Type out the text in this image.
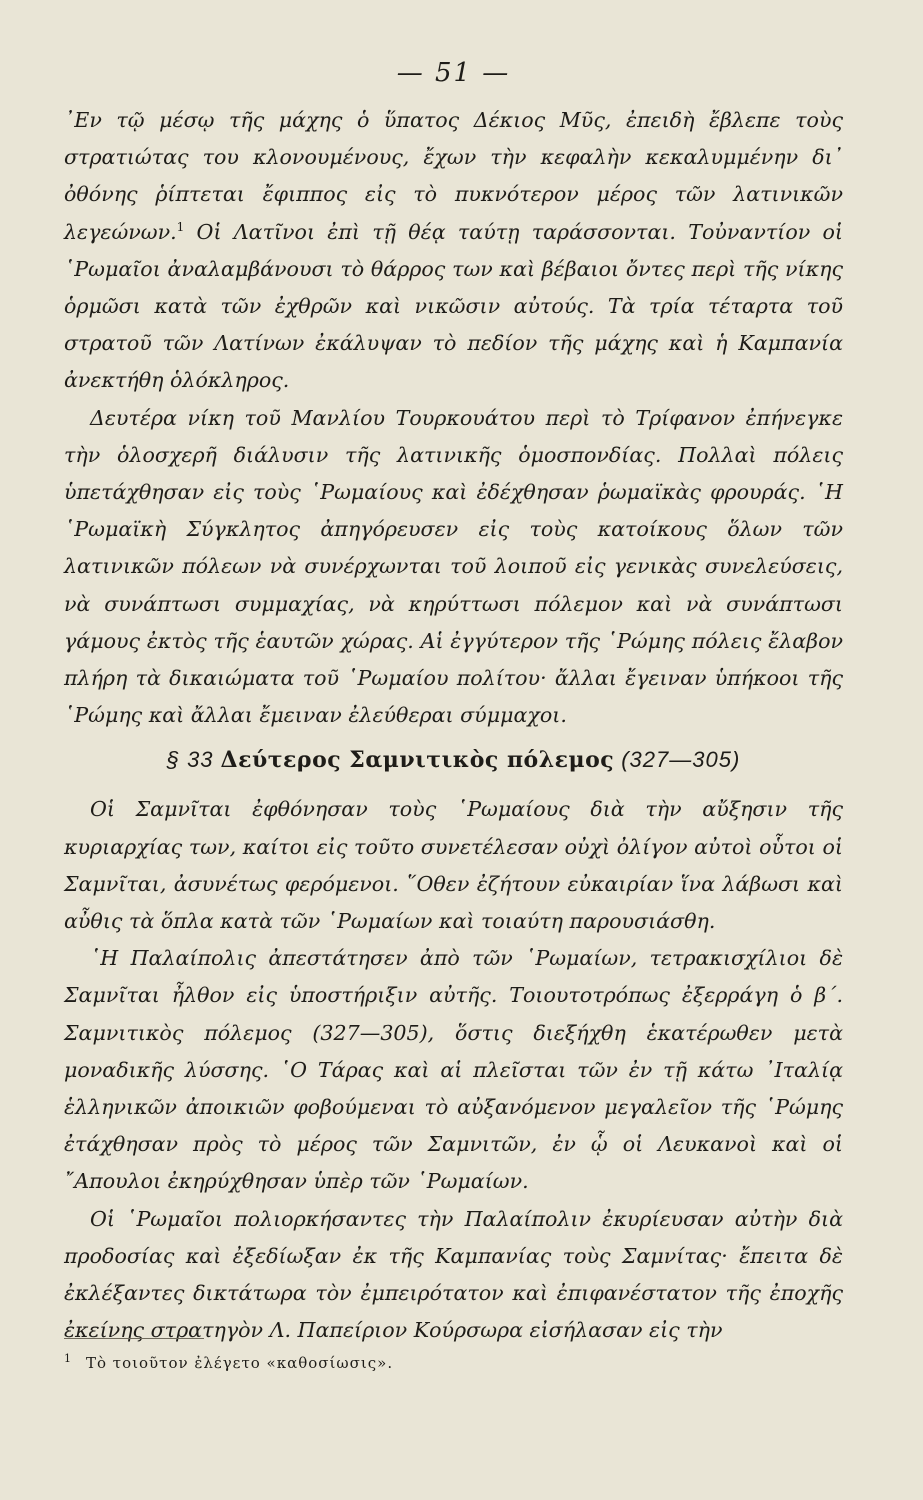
— 51 —

᾿Εν τῷ μέσῳ τῆς μάχης ὁ ὕπατος Δέκιος Μῦς, ἐπειδὴ ἔβλεπε τοὺς στρατιώτας του κλονουμένους, ἔχων τὴν κεφαλὴν κεκαλυμμένην δι᾿ ὀθόνης ῥίπτεται ἔφιππος εἰς τὸ πυκνότερον μέρος τῶν λατινικῶν λεγεώνων.$^1$ Οἱ Λατῖνοι ἐπὶ τῇ θέᾳ ταύτῃ ταράσσονται. Τοὐναντίον οἱ ῾Ρωμαῖοι ἀναλαμβάνουσι τὸ θάρρος των καὶ βέβαιοι ὄντες περὶ τῆς νίκης ὁρμῶσι κατὰ τῶν ἐχθρῶν καὶ νικῶσιν αὐτούς. Τὰ τρία τέταρτα τοῦ στρατοῦ τῶν Λατίνων ἐκάλυψαν τὸ πεδίον τῆς μάχης καὶ ἡ Καμπανία ἀνεκτήθη ὁλόκληρος.

Δευτέρα νίκη τοῦ Μανλίου Τουρκουάτου περὶ τὸ Τρίφανον ἐπήνεγκε τὴν ὁλοσχερῆ διάλυσιν τῆς λατινικῆς ὁμοσπονδίας. Πολλαὶ πόλεις ὑπετάχθησαν εἰς τοὺς ῾Ρωμαίους καὶ ἐδέχθησαν ῥωμαϊκὰς φρουράς. ῾Η ῾Ρωμαϊκὴ Σύγκλητος ἀπηγόρευσεν εἰς τοὺς κατοίκους ὅλων τῶν λατινικῶν πόλεων νὰ συνέρχωνται τοῦ λοιποῦ εἰς γενικὰς συνελεύσεις, νὰ συνάπτωσι συμμαχίας, νὰ κηρύττωσι πόλεμον καὶ νὰ συνάπτωσι γάμους ἐκτὸς τῆς ἑαυτῶν χώρας. Αἱ ἐγγύτερον τῆς ῾Ρώμης πόλεις ἔλαβον πλήρη τὰ δικαιώματα τοῦ ῾Ρωμαίου πολίτου· ἄλλαι ἔγειναν ὑπήκοοι τῆς ῾Ρώμης καὶ ἄλλαι ἔμειναν ἐλεύθεραι σύμμαχοι.

§ 33 Δεύτερος Σαμνιτικὸς πόλεμος (327—305)

Οἱ Σαμνῖται ἐφθόνησαν τοὺς ῾Ρωμαίους διὰ τὴν αὔξησιν τῆς κυριαρχίας των, καίτοι εἰς τοῦτο συνετέλεσαν οὐχὶ ὀλίγον αὐτοὶ οὗτοι οἱ Σαμνῖται, ἀσυνέτως φερόμενοι. ῞Οθεν ἐζήτουν εὐκαιρίαν ἵνα λάβωσι καὶ αὖθις τὰ ὅπλα κατὰ τῶν ῾Ρωμαίων καὶ τοιαύτη παρουσιάσθη.

῾Η Παλαίπολις ἀπεστάτησεν ἀπὸ τῶν ῾Ρωμαίων, τετρακισχίλιοι δὲ Σαμνῖται ἦλθον εἰς ὑποστήριξιν αὐτῆς. Τοιουτοτρόπως ἐξερράγη ὁ β΄. Σαμνιτικὸς πόλεμος (327—305), ὅστις διεξήχθη ἑκατέρωθεν μετὰ μοναδικῆς λύσσης. ῾Ο Τάρας καὶ αἱ πλεῖσται τῶν ἐν τῇ κάτω ᾿Ιταλίᾳ ἑλληνικῶν ἀποικιῶν φοβούμεναι τὸ αὐξανόμενον μεγαλεῖον τῆς ῾Ρώμης ἐτάχθησαν πρὸς τὸ μέρος τῶν Σαμνιτῶν, ἐν ᾧ οἱ Λευκανοὶ καὶ οἱ ῎Απουλοι ἐκηρύχθησαν ὑπὲρ τῶν ῾Ρωμαίων.

Οἱ ῾Ρωμαῖοι πολιορκήσαντες τὴν Παλαίπολιν ἐκυρίευσαν αὐτὴν διὰ προδοσίας καὶ ἐξεδίωξαν ἐκ τῆς Καμπανίας τοὺς Σαμνίτας· ἔπειτα δὲ ἐκλέξαντες δικτάτωρα τὸν ἐμπειρότατον καὶ ἐπιφανέστατον τῆς ἐποχῆς ἐκείνης στρατηγὸν Λ. Παπείριον Κούρσωρα εἰσήλασαν εἰς τὴν

$^1$ Τὸ τοιοῦτον ἐλέγετο «καθοσίωσις».
